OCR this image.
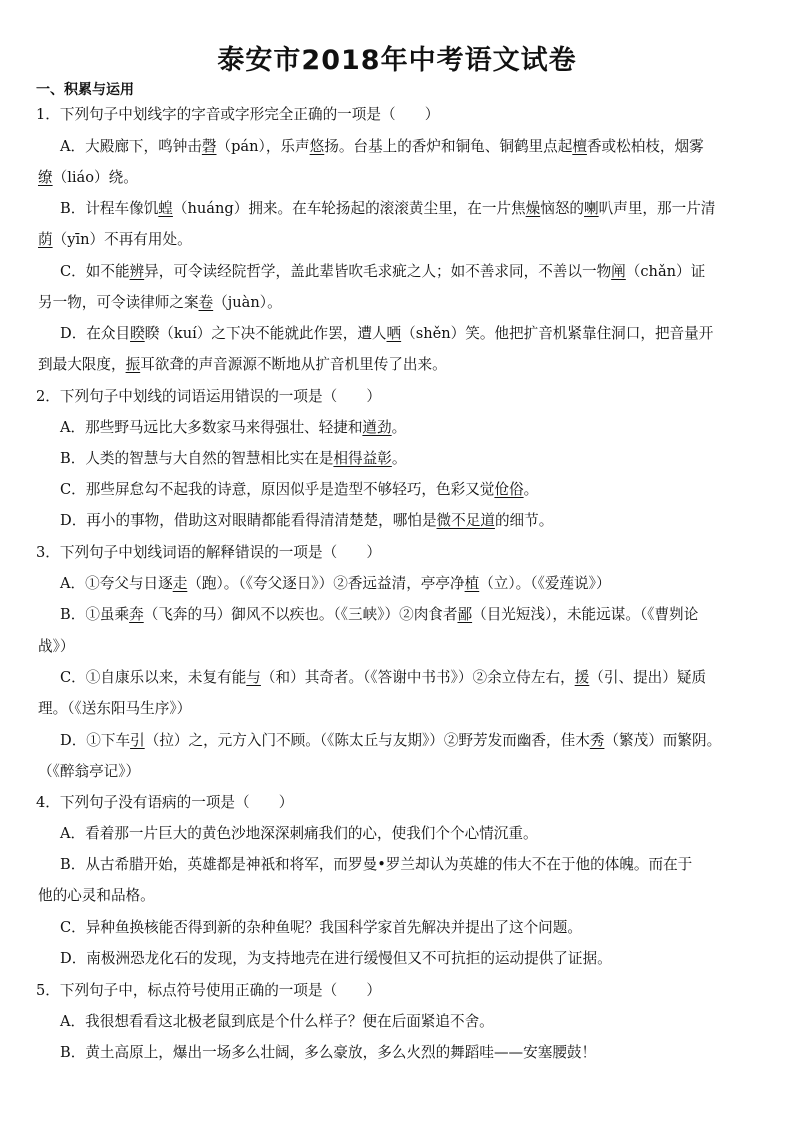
泰安市2018年中考语文试卷
一、积累与运用
1．下列句子中划线字的字音或字形完全正确的一项是（　　）
A．大殿廊下，鸣钟击磬（pán），乐声悠扬。台基上的香炉和铜龟、铜鹤里点起檀香或松柏枝，烟雾
缭（liáo）绕。
B．计程车像饥蝗（huáng）拥来。在车轮扬起的滚滚黄尘里，在一片焦燥恼怒的喇叭声里，那一片清
荫（yīn）不再有用处。
C．如不能辨异，可令读经院哲学，盖此辈皆吹毛求疵之人；如不善求同，不善以一物阐（chǎn）证
另一物，可令读律师之案卷（juàn）。
D．在众目睽睽（kuí）之下决不能就此作罢，遭人哂（shěn）笑。他把扩音机紧靠住洞口，把音量开
到最大限度，振耳欲聋的声音源源不断地从扩音机里传了出来。
2．下列句子中划线的词语运用错误的一项是（　　）
A．那些野马远比大多数家马来得强壮、轻捷和遒劲。
B．人类的智慧与大自然的智慧相比实在是相得益彰。
C．那些屏怠勾不起我的诗意，原因似乎是造型不够轻巧，色彩又觉伧俗。
D．再小的事物，借助这对眼睛都能看得清清楚楚，哪怕是微不足道的细节。
3．下列句子中划线词语的解释错误的一项是（　　）
A．①夸父与日逐走（跑）。（《夸父逐日》）②香远益清，亭亭净植（立）。（《爱莲说》）
B．①虽乘奔（飞奔的马）御风不以疾也。（《三峡》）②肉食者鄙（目光短浅），未能远谋。（《曹刿论
战》）
C．①自康乐以来，未复有能与（和）其奇者。（《答谢中书书》）②余立侍左右，援（引、提出）疑质
理。（《送东阳马生序》）
D．①下车引（拉）之，元方入门不顾。（《陈太丘与友期》）②野芳发而幽香，佳木秀（繁茂）而繁阴。
（《醉翁亭记》）
4．下列句子没有语病的一项是（　　）
A．看着那一片巨大的黄色沙地深深刺痛我们的心，使我们个个心情沉重。
B．从古希腊开始，英雄都是神祇和将军，而罗曼•罗兰却认为英雄的伟大不在于他的体魄。而在于
他的心灵和品格。
C．异种鱼换核能否得到新的杂种鱼呢？我国科学家首先解决并提出了这个问题。
D．南极洲恐龙化石的发现，为支持地壳在进行缓慢但又不可抗拒的运动提供了证据。
5．下列句子中，标点符号使用正确的一项是（　　）
A．我很想看看这北极老鼠到底是个什么样子？便在后面紧追不舍。
B．黄土高原上，爆出一场多么壮阔，多么豪放，多么火烈的舞蹈哇——安塞腰鼓！
